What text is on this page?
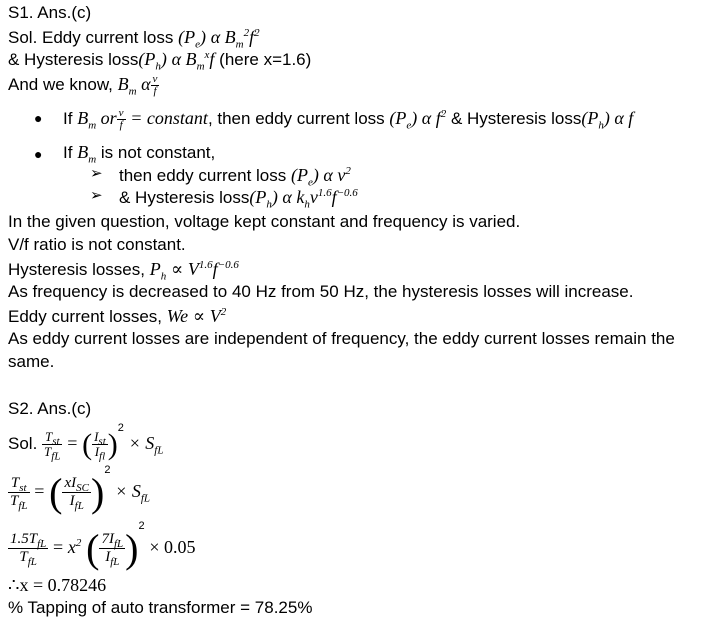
S1. Ans.(c)
Sol. Eddy current loss $(P_e)$ α $B_m^2f^2$
& Hysteresis $loss(P_h)$ α $B_m^xf$ (here x=1.6)
And we know, $B_m$ α $\frac{v}{f}$
● If $B_m$ or $\frac{v}{f}$ = constant, then eddy current loss $(P_e)$ α $f^2$ & Hysteresis $loss(P_h)$ α f
● If $B_m$ is not constant,
➢ then eddy current loss $(P_e)$ α $v^2$
➢ & Hysteresis $loss(P_h)$ α $k_hv^{1.6}f^{-0.6}$
In the given question, voltage kept constant and frequency is varied.
V/f ratio is not constant.
Hysteresis losses, $P_h \propto V^{1.6}f^{-0.6}$
As frequency is decreased to 40 Hz from 50 Hz, the hysteresis losses will increase.
Eddy current losses, $We \propto V^2$
As eddy current losses are independent of frequency, the eddy current losses remain the
same.
S2. Ans.(c)
Sol. $T_{st}$
$T_{fL}$
= ( $I_{st}$
$I_{fl}$ )$^2 \times S_{fL}$
$T_{st}$
$T_{fL}$
= ( $xI_{SC}$
$I_{fL}$ )$^2 \times S_{fL}$
$1.5T_{fL}$
$T_{fL}$
= $x^2$ ( $7I_{fL}$
$I_{fL}$ )$^2$ × 0.05
∴x = 0.78246
% Tapping of auto transformer = 78.25%
